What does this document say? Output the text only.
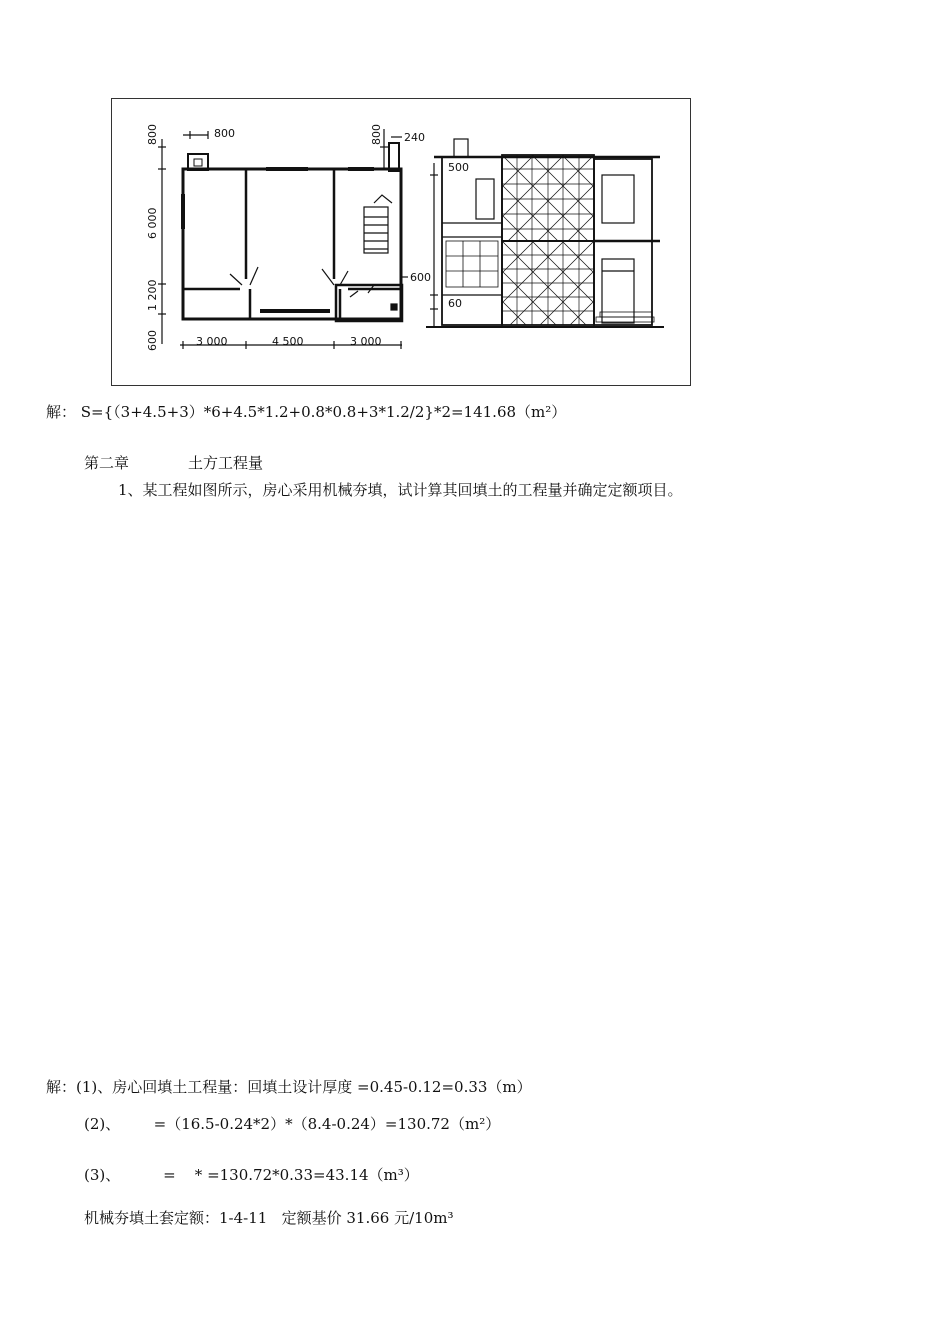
800	240
600
3 000	4 500	3 000
500
60
800
6 000
1 200
600
800
解： S={（3+4.5+3）*6+4.5*1.2+0.8*0.8+3*1.2/2}*2=141.68（m²）
第二章	土方工程量
1、某工程如图所示，房心采用机械夯填，试计算其回填土的工程量并确定定额项目。
解：(1)、房心回填土工程量：回填土设计厚度 =0.45-0.12=0.33（m）
(2)、       =（16.5-0.24*2）*（8.4-0.24）=130.72（m²）
(3)、         =    * =130.72*0.33=43.14（m³）
机械夯填土套定额：1-4-11   定额基价 31.66 元/10m³
